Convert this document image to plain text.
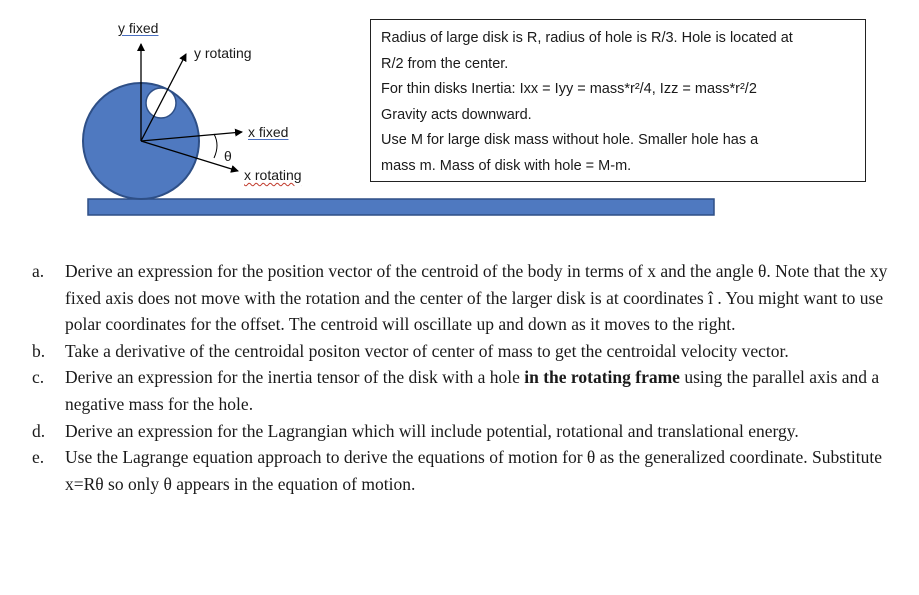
y fixed
y rotating
x fixed
θ
x rotating
Radius of large disk is R, radius of hole is R/3. Hole is located at
R/2 from the center.
For thin disks Inertia: Ixx = Iyy = mass*r²/4, Izz = mass*r²/2
Gravity acts downward.
Use M for large disk mass without hole. Smaller hole has a
mass m. Mass of disk with hole = M-m.
a.	Derive an expression for the position vector of the centroid of the body in terms of x and the angle θ. Note that the xy fixed axis does not move with the rotation and the center of the larger disk is at coordinates î . You might want to use polar coordinates for the offset. The centroid will oscillate up and down as it moves to the right.
b.	Take a derivative of the centroidal positon vector of center of mass to get the centroidal velocity vector.
c.	Derive an expression for the inertia tensor of the disk with a hole in the rotating frame using the parallel axis and a negative mass for the hole.
d.	Derive an expression for the Lagrangian which will include potential, rotational and translational energy.
e.	Use the Lagrange equation approach to derive the equations of motion for θ as the generalized coordinate. Substitute x=Rθ so only θ appears in the equation of motion.
